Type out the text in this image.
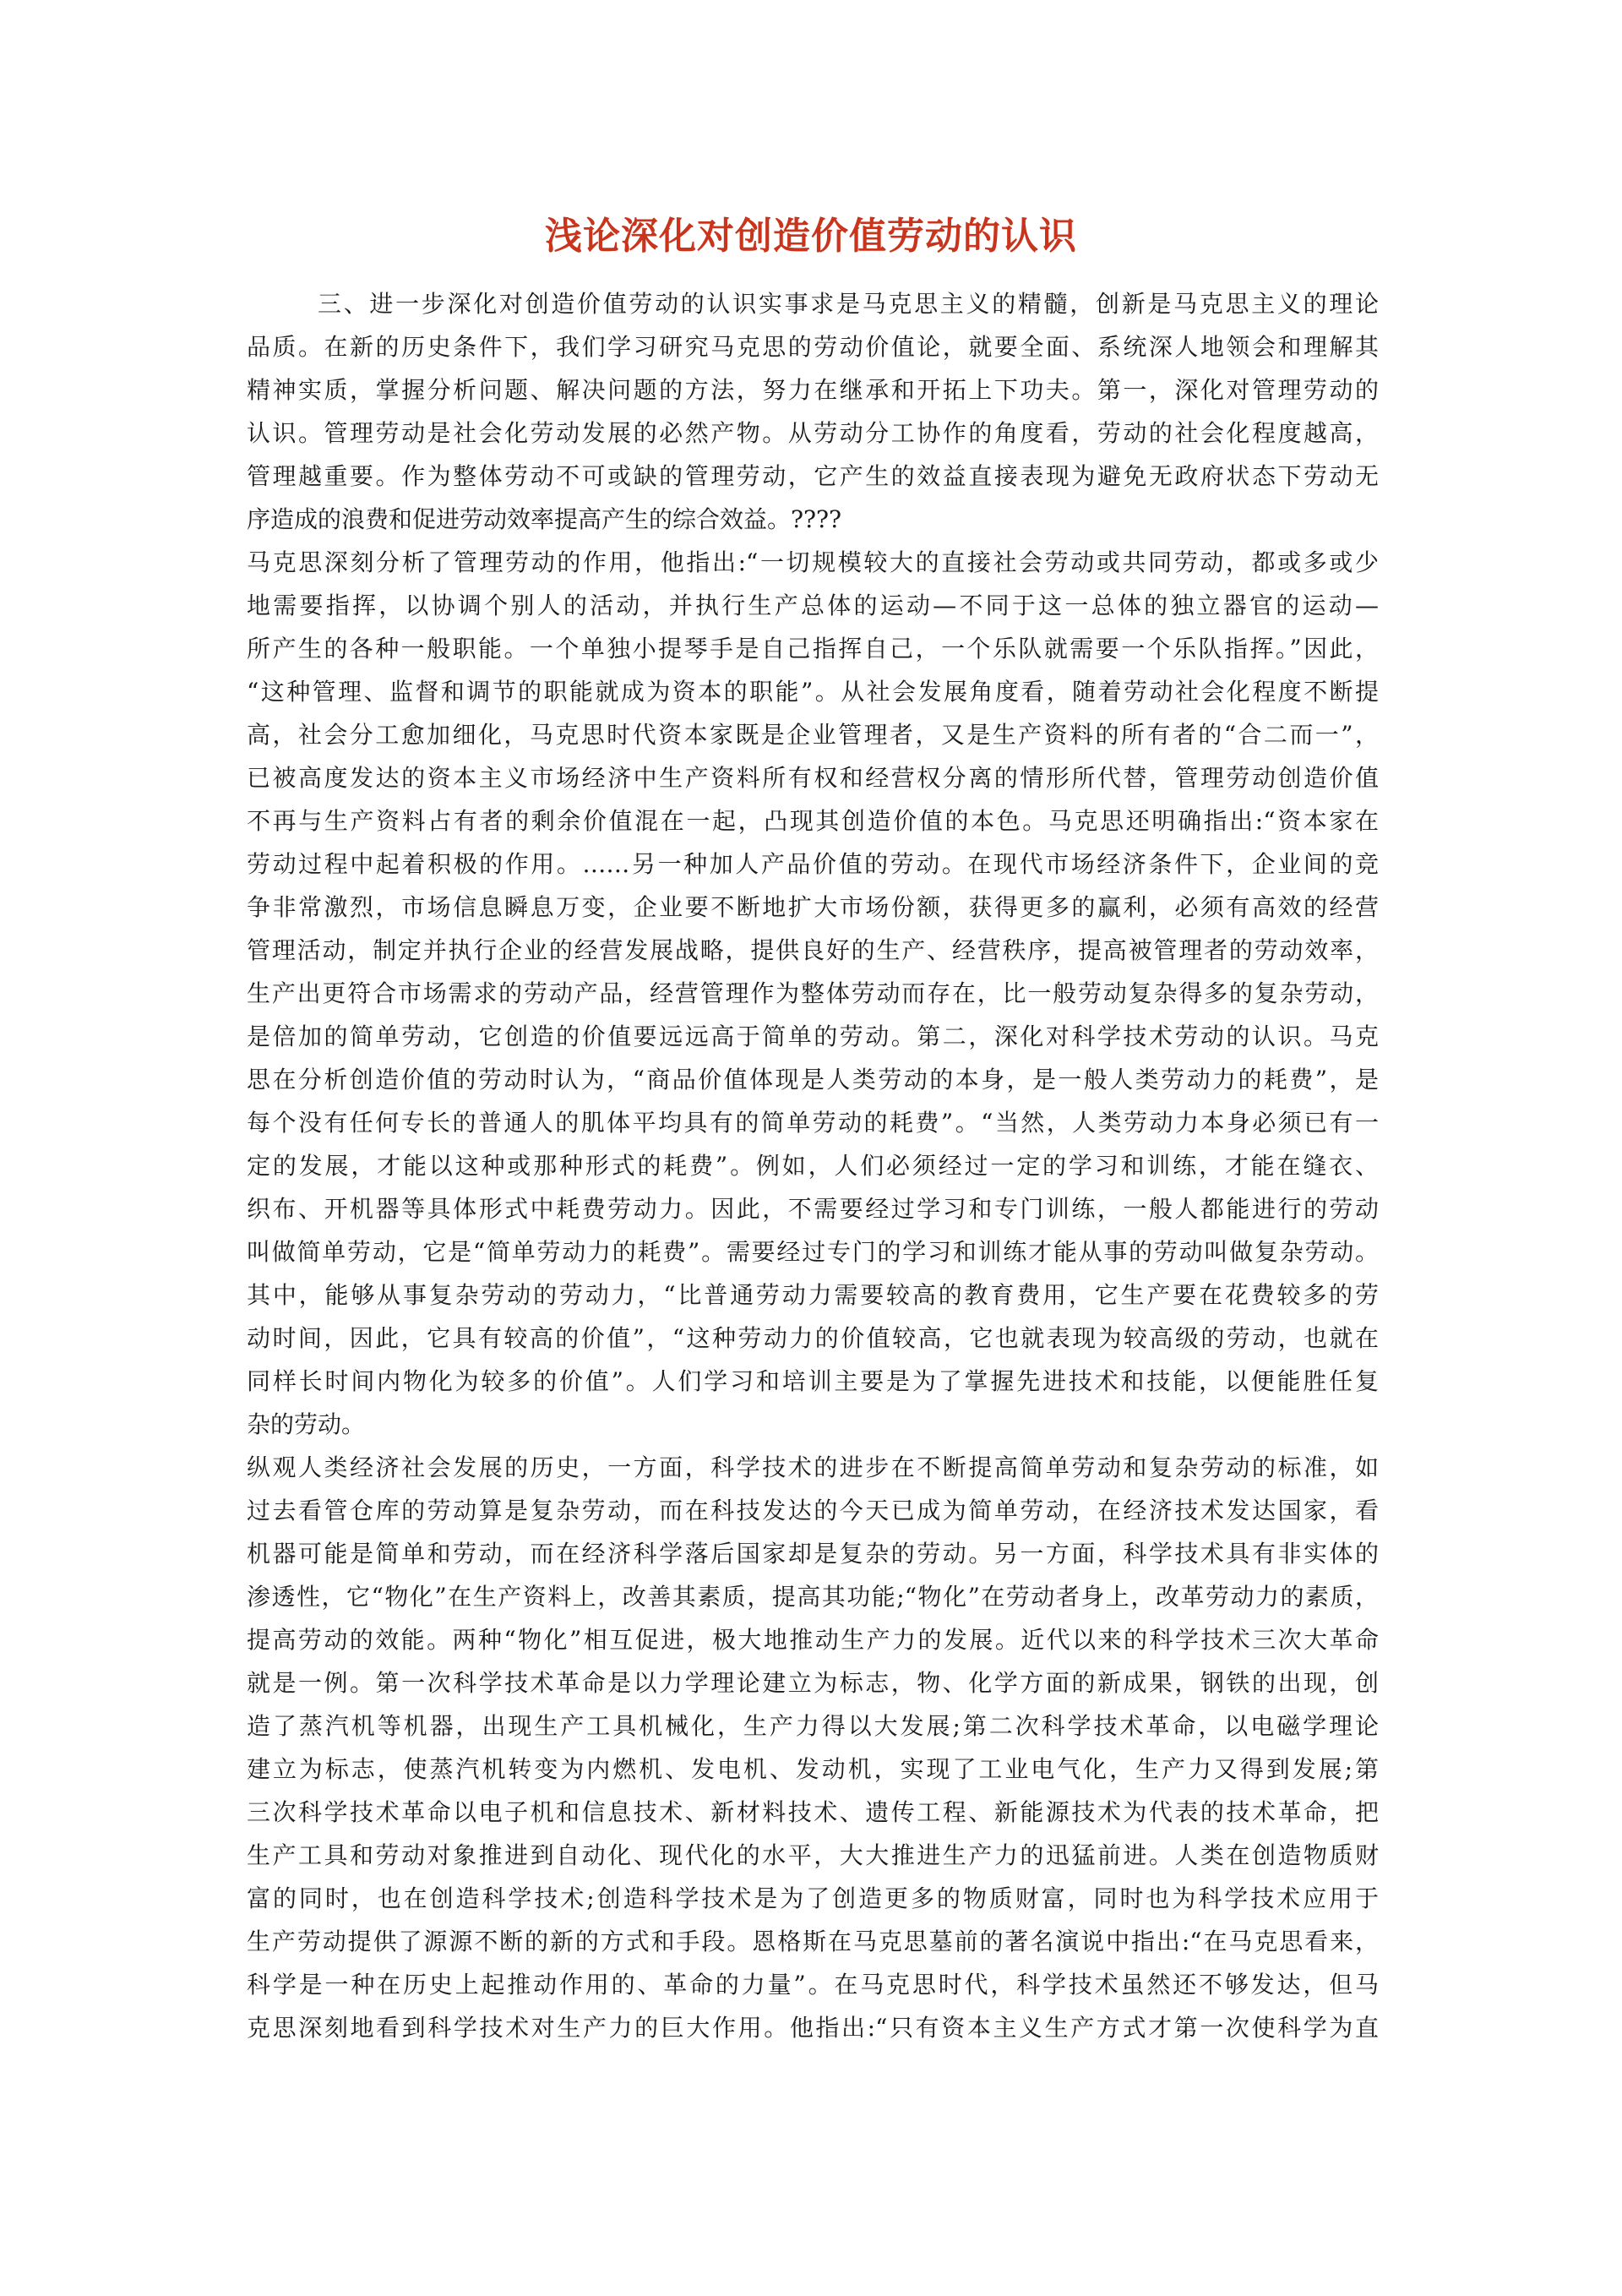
浅论深化对创造价值劳动的认识
三、进一步深化对创造价值劳动的认识实事求是马克思主义的精髓，创新是马克思主义的理论
品质。在新的历史条件下，我们学习研究马克思的劳动价值论，就要全面、系统深人地领会和理解其
精神实质，掌握分析问题、解决问题的方法，努力在继承和开拓上下功夫。第一，深化对管理劳动的
认识。管理劳动是社会化劳动发展的必然产物。从劳动分工协作的角度看，劳动的社会化程度越高，
管理越重要。作为整体劳动不可或缺的管理劳动，它产生的效益直接表现为避免无政府状态下劳动无
序造成的浪费和促进劳动效率提高产生的综合效益。????
马克思深刻分析了管理劳动的作用，他指出:“一切规模较大的直接社会劳动或共同劳动，都或多或少
地需要指挥，以协调个别人的活动，并执行生产总体的运动—不同于这一总体的独立器官的运动—
所产生的各种一般职能。一个单独小提琴手是自己指挥自己，一个乐队就需要一个乐队指挥。”因此，
“这种管理、监督和调节的职能就成为资本的职能”。从社会发展角度看，随着劳动社会化程度不断提
高，社会分工愈加细化，马克思时代资本家既是企业管理者，又是生产资料的所有者的“合二而一”，
已被高度发达的资本主义市场经济中生产资料所有权和经营权分离的情形所代替，管理劳动创造价值
不再与生产资料占有者的剩余价值混在一起，凸现其创造价值的本色。马克思还明确指出:“资本家在
劳动过程中起着积极的作用。……另一种加人产品价值的劳动。在现代市场经济条件下，企业间的竞
争非常激烈，市场信息瞬息万变，企业要不断地扩大市场份额，获得更多的赢利，必须有高效的经营
管理活动，制定并执行企业的经营发展战略，提供良好的生产、经营秩序，提高被管理者的劳动效率，
生产出更符合市场需求的劳动产品，经营管理作为整体劳动而存在，比一般劳动复杂得多的复杂劳动，
是倍加的简单劳动，它创造的价值要远远高于简单的劳动。第二，深化对科学技术劳动的认识。马克
思在分析创造价值的劳动时认为，“商品价值体现是人类劳动的本身，是一般人类劳动力的耗费”，是
每个没有任何专长的普通人的肌体平均具有的简单劳动的耗费”。“当然，人类劳动力本身必须已有一
定的发展，才能以这种或那种形式的耗费”。例如，人们必须经过一定的学习和训练，才能在缝衣、
织布、开机器等具体形式中耗费劳动力。因此，不需要经过学习和专门训练，一般人都能进行的劳动
叫做简单劳动，它是“简单劳动力的耗费”。需要经过专门的学习和训练才能从事的劳动叫做复杂劳动。
其中，能够从事复杂劳动的劳动力，“比普通劳动力需要较高的教育费用，它生产要在花费较多的劳
动时间，因此，它具有较高的价值”，“这种劳动力的价值较高，它也就表现为较高级的劳动，也就在
同样长时间内物化为较多的价值”。人们学习和培训主要是为了掌握先进技术和技能，以便能胜任复
杂的劳动。
纵观人类经济社会发展的历史，一方面，科学技术的进步在不断提高简单劳动和复杂劳动的标准，如
过去看管仓库的劳动算是复杂劳动，而在科技发达的今天已成为简单劳动，在经济技术发达国家，看
机器可能是简单和劳动，而在经济科学落后国家却是复杂的劳动。另一方面，科学技术具有非实体的
渗透性，它“物化”在生产资料上，改善其素质，提高其功能;“物化”在劳动者身上，改革劳动力的素质，
提高劳动的效能。两种“物化”相互促进，极大地推动生产力的发展。近代以来的科学技术三次大革命
就是一例。第一次科学技术革命是以力学理论建立为标志，物、化学方面的新成果，钢铁的出现，创
造了蒸汽机等机器，出现生产工具机械化，生产力得以大发展;第二次科学技术革命，以电磁学理论
建立为标志，使蒸汽机转变为内燃机、发电机、发动机，实现了工业电气化，生产力又得到发展;第
三次科学技术革命以电子机和信息技术、新材料技术、遗传工程、新能源技术为代表的技术革命，把
生产工具和劳动对象推进到自动化、现代化的水平，大大推进生产力的迅猛前进。人类在创造物质财
富的同时，也在创造科学技术;创造科学技术是为了创造更多的物质财富，同时也为科学技术应用于
生产劳动提供了源源不断的新的方式和手段。恩格斯在马克思墓前的著名演说中指出:“在马克思看来，
科学是一种在历史上起推动作用的、革命的力量”。在马克思时代，科学技术虽然还不够发达，但马
克思深刻地看到科学技术对生产力的巨大作用。他指出:“只有资本主义生产方式才第一次使科学为直
